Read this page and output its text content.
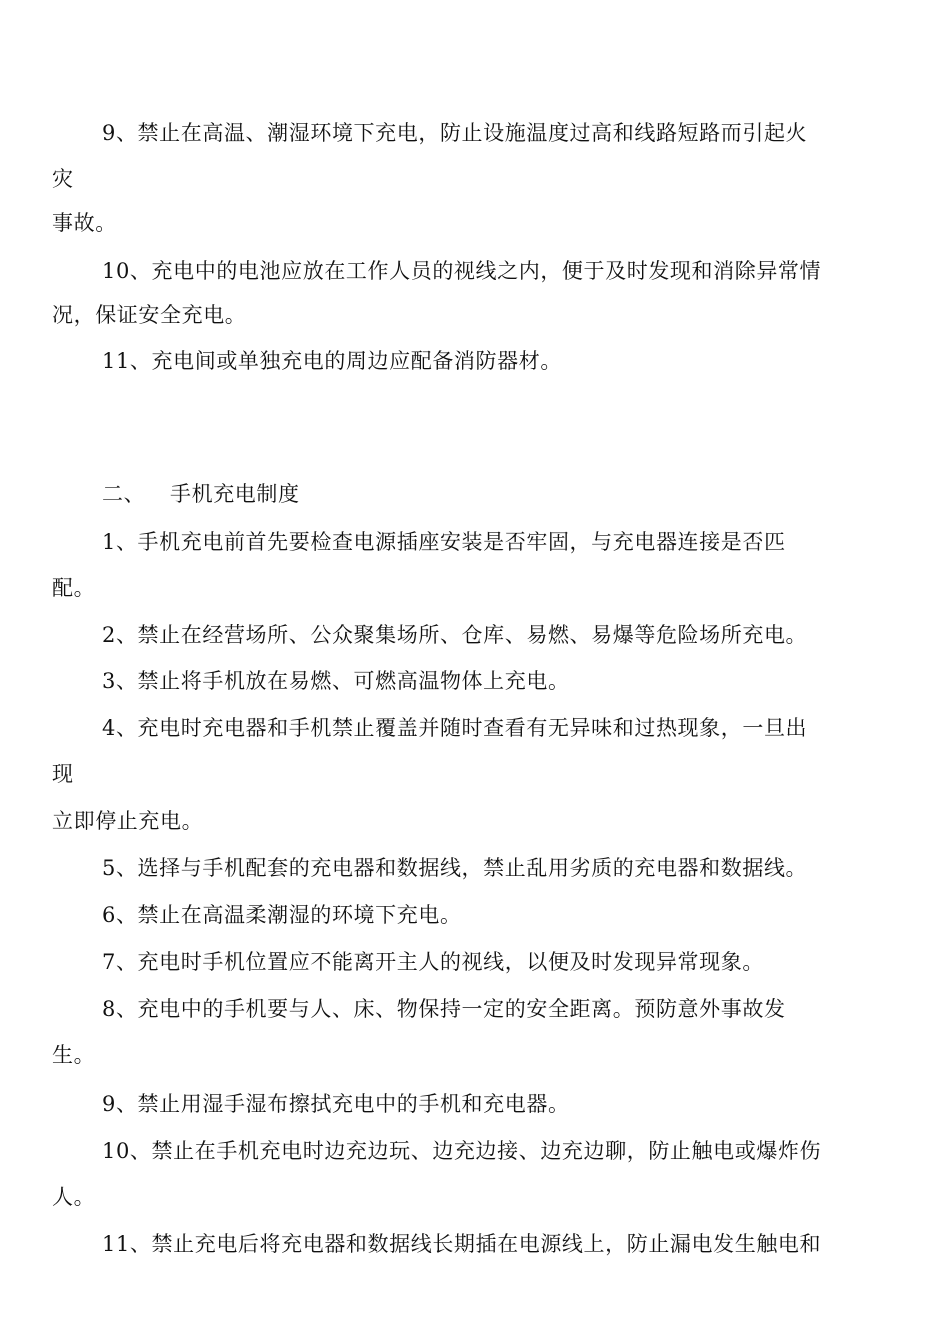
9、禁止在高温、潮湿环境下充电，防止设施温度过高和线路短路而引起火
灾
事故。
10、充电中的电池应放在工作人员的视线之内，便于及时发现和消除异常情
况，保证安全充电。
11、充电间或单独充电的周边应配备消防器材。
二、 手机充电制度
1、手机充电前首先要检查电源插座安装是否牢固，与充电器连接是否匹
配。
2、禁止在经营场所、公众聚集场所、仓库、易燃、易爆等危险场所充电。
3、禁止将手机放在易燃、可燃高温物体上充电。
4、充电时充电器和手机禁止覆盖并随时查看有无异味和过热现象，一旦出
现
立即停止充电。
5、选择与手机配套的充电器和数据线，禁止乱用劣质的充电器和数据线。
6、禁止在高温柔潮湿的环境下充电。
7、充电时手机位置应不能离开主人的视线，以便及时发现异常现象。
8、充电中的手机要与人、床、物保持一定的安全距离。预防意外事故发
生。
9、禁止用湿手湿布擦拭充电中的手机和充电器。
10、禁止在手机充电时边充边玩、边充边接、边充边聊，防止触电或爆炸伤
人。
11、禁止充电后将充电器和数据线长期插在电源线上，防止漏电发生触电和
